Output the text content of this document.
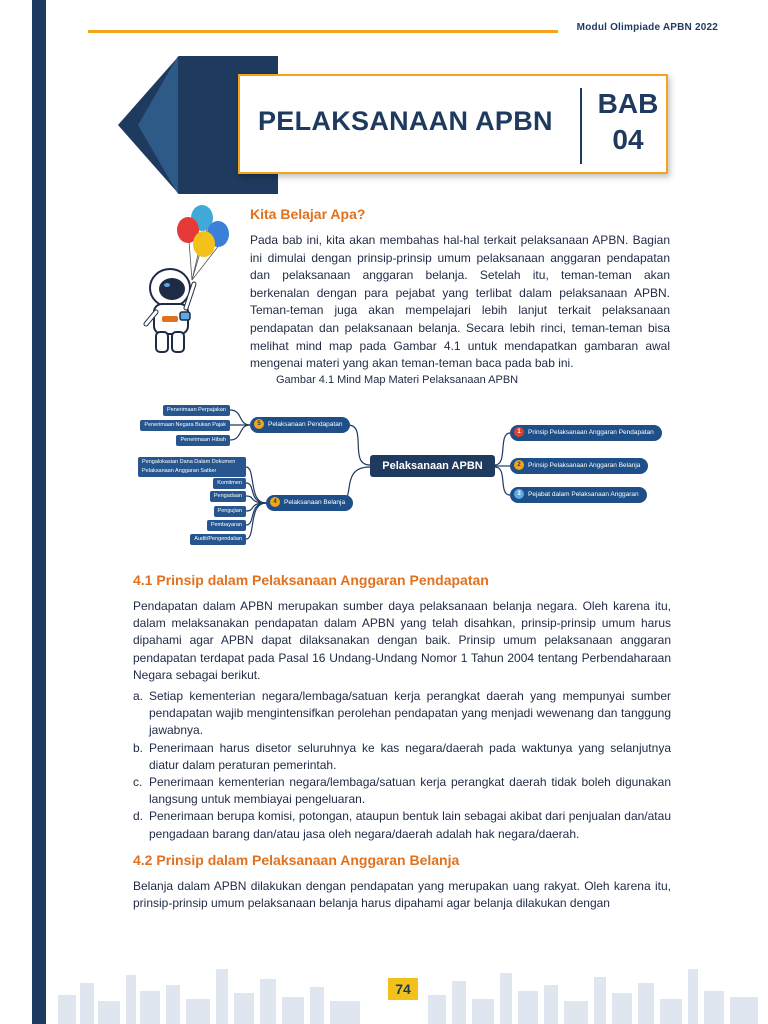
Modul Olimpiade APBN 2022
PELAKSANAAN APBN
BAB
04
Kita Belajar Apa?
Pada bab ini, kita akan membahas hal-hal terkait pelaksanaan APBN. Bagian ini dimulai dengan prinsip-prinsip umum pelaksanaan anggaran pendapatan dan pelaksanaan anggaran belanja. Setelah itu, teman-teman akan berkenalan dengan para pejabat yang terlibat dalam pelaksanaan APBN. Teman-teman juga akan mempelajari lebih lanjut terkait pelaksanaan pendapatan dan pelaksanaan belanja. Secara lebih rinci, teman-teman bisa melihat mind map pada Gambar 4.1 untuk mendapatkan gambaran awal mengenai materi yang akan teman-teman baca pada bab ini.
Gambar 4.1 Mind Map Materi Pelaksanaan APBN
Pelaksanaan APBN
1 Prinsip Pelaksanaan Anggaran Pendapatan
2 Prinsip Pelaksanaan Anggaran Belanja
3 Pejabat dalam Pelaksanaan Anggaran
5 Pelaksanaan Pendapatan
4 Pelaksanaan Belanja
Penerimaan Perpajakan
Penerimaan Negara Bukan Pajak
Penerimaan Hibah
Pengalokasian Dana Dalam Dokumen Pelaksanaan Anggaran Satker
Komitmen
Pengadaan
Pengujian
Pembayaran
Audit/Pengendalian
4.1 Prinsip dalam Pelaksanaan Anggaran Pendapatan
Pendapatan dalam APBN merupakan sumber daya pelaksanaan belanja negara. Oleh karena itu, dalam melaksanakan pendapatan dalam APBN yang telah disahkan, prinsip-prinsip umum harus dipahami agar APBN dapat dilaksanakan dengan baik. Prinsip umum pelaksanaan anggaran pendapatan terdapat pada Pasal 16 Undang-Undang Nomor 1 Tahun 2004 tentang Perbendaharaan Negara sebagai berikut.
a. Setiap kementerian negara/lembaga/satuan kerja perangkat daerah yang mempunyai sumber pendapatan wajib mengintensifkan perolehan pendapatan yang menjadi wewenang dan tanggung jawabnya.
b. Penerimaan harus disetor seluruhnya ke kas negara/daerah pada waktunya yang selanjutnya diatur dalam peraturan pemerintah.
c. Penerimaan kementerian negara/lembaga/satuan kerja perangkat daerah tidak boleh digunakan langsung untuk membiayai pengeluaran.
d. Penerimaan berupa komisi, potongan, ataupun bentuk lain sebagai akibat dari penjualan dan/atau pengadaan barang dan/atau jasa oleh negara/daerah adalah hak negara/daerah.
4.2 Prinsip dalam Pelaksanaan Anggaran Belanja
Belanja dalam APBN dilakukan dengan pendapatan yang merupakan uang rakyat. Oleh karena itu, prinsip-prinsip umum pelaksanaan belanja harus dipahami agar belanja dilakukan dengan
74
